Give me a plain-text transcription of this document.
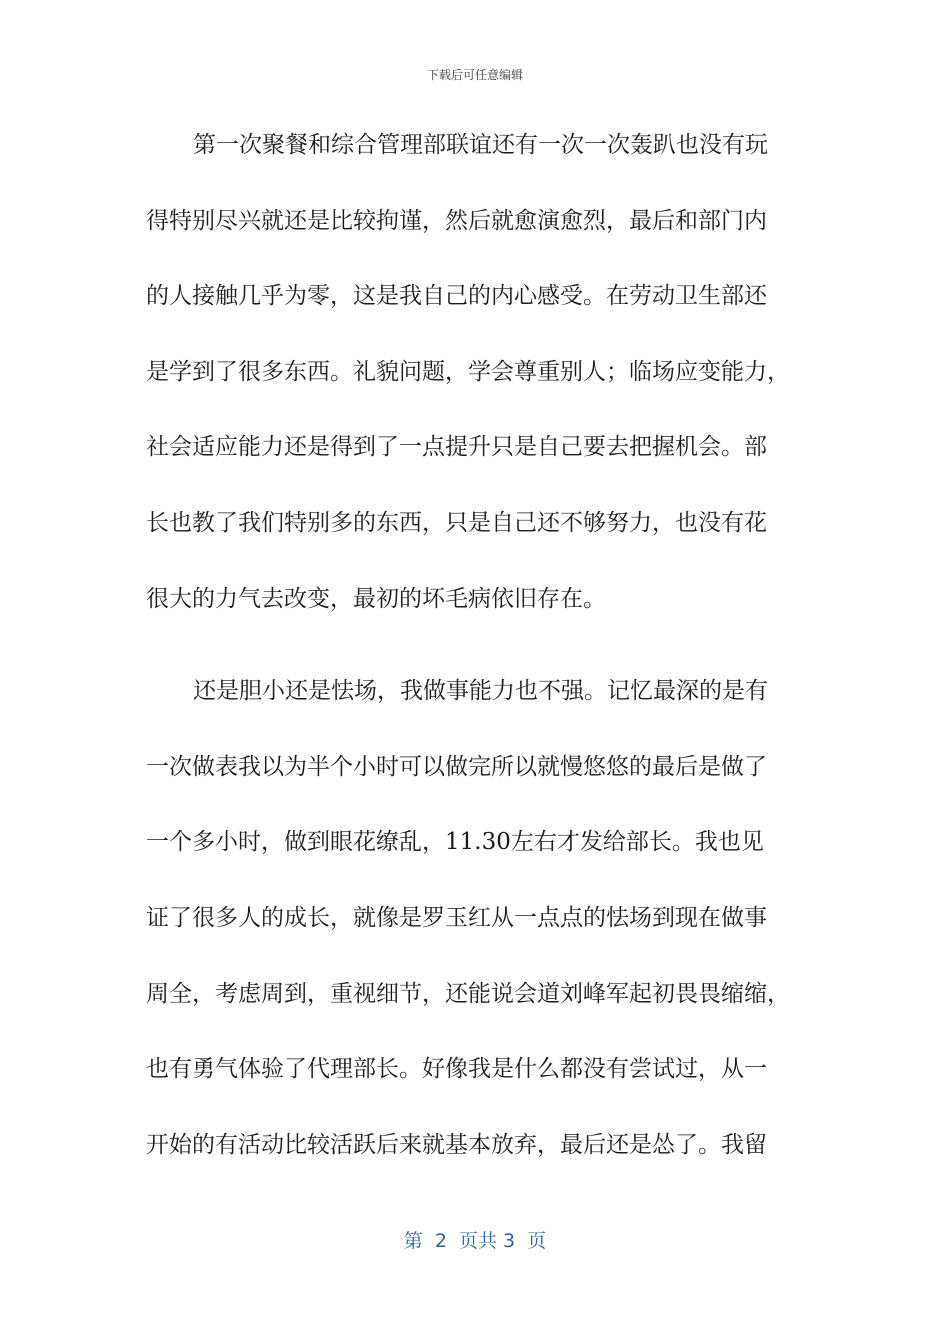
下载后可任意编辑
第一次聚餐和综合管理部联谊还有一次一次轰趴也没有玩
得特别尽兴就还是比较拘谨，然后就愈演愈烈，最后和部门内
的人接触几乎为零，这是我自己的内心感受。在劳动卫生部还
是学到了很多东西。礼貌问题，学会尊重别人；临场应变能力，
社会适应能力还是得到了一点提升只是自己要去把握机会。部
长也教了我们特别多的东西，只是自己还不够努力，也没有花
很大的力气去改变，最初的坏毛病依旧存在。
还是胆小还是怯场，我做事能力也不强。记忆最深的是有
一次做表我以为半个小时可以做完所以就慢悠悠的最后是做了
一个多小时，做到眼花缭乱，11.30左右才发给部长。我也见
证了很多人的成长，就像是罗玉红从一点点的怯场到现在做事
周全，考虑周到，重视细节，还能说会道刘峰军起初畏畏缩缩，
也有勇气体验了代理部长。好像我是什么都没有尝试过，从一
开始的有活动比较活跃后来就基本放弃，最后还是怂了。我留
第  2  页共 3  页
